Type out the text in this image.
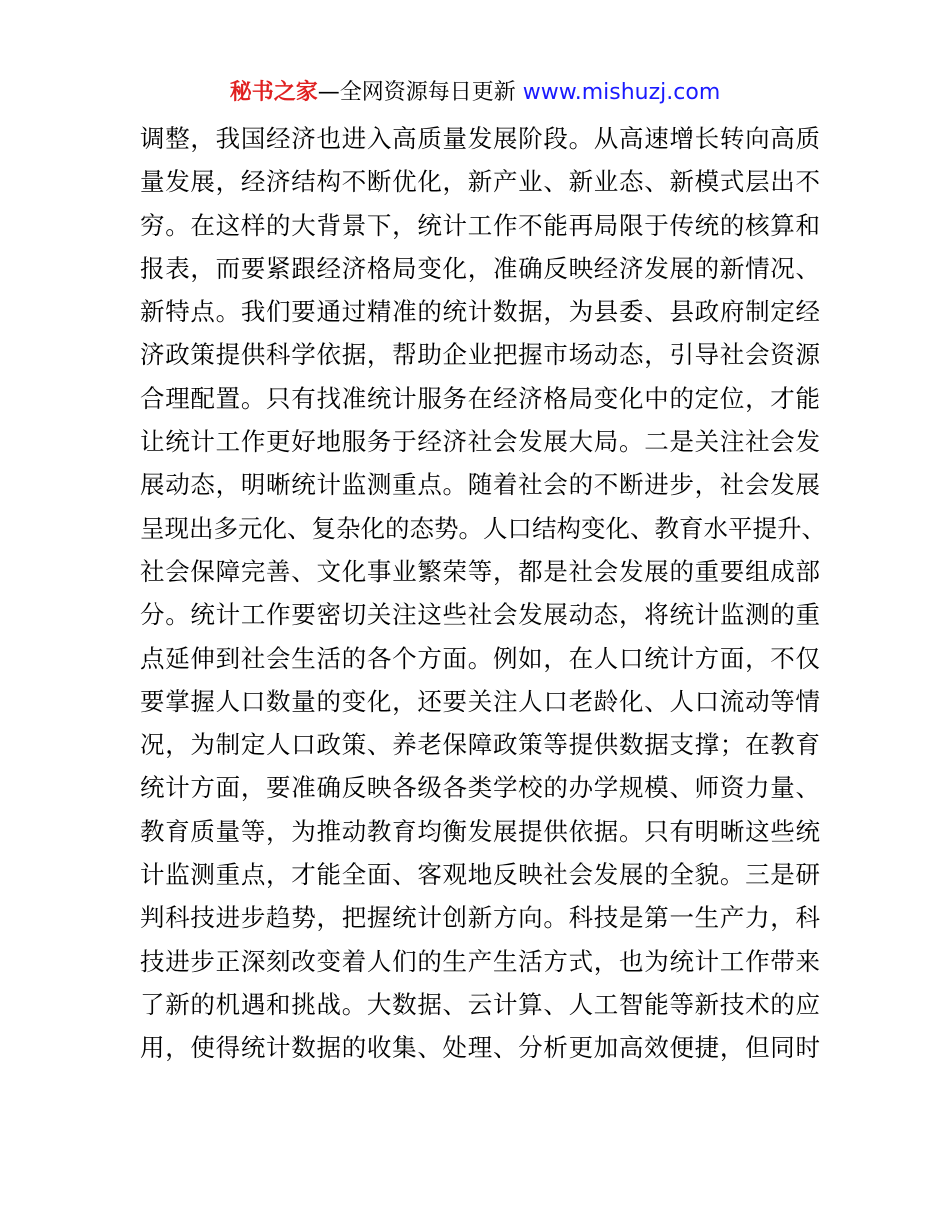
秘书之家—全网资源每日更新 www.mishuzj.com
调整，我国经济也进入高质量发展阶段。从高速增长转向高质
量发展，经济结构不断优化，新产业、新业态、新模式层出不
穷。在这样的大背景下，统计工作不能再局限于传统的核算和
报表，而要紧跟经济格局变化，准确反映经济发展的新情况、
新特点。我们要通过精准的统计数据，为县委、县政府制定经
济政策提供科学依据，帮助企业把握市场动态，引导社会资源
合理配置。只有找准统计服务在经济格局变化中的定位，才能
让统计工作更好地服务于经济社会发展大局。二是关注社会发
展动态，明晰统计监测重点。随着社会的不断进步，社会发展
呈现出多元化、复杂化的态势。人口结构变化、教育水平提升、
社会保障完善、文化事业繁荣等，都是社会发展的重要组成部
分。统计工作要密切关注这些社会发展动态，将统计监测的重
点延伸到社会生活的各个方面。例如，在人口统计方面，不仅
要掌握人口数量的变化，还要关注人口老龄化、人口流动等情
况，为制定人口政策、养老保障政策等提供数据支撑；在教育
统计方面，要准确反映各级各类学校的办学规模、师资力量、
教育质量等，为推动教育均衡发展提供依据。只有明晰这些统
计监测重点，才能全面、客观地反映社会发展的全貌。三是研
判科技进步趋势，把握统计创新方向。科技是第一生产力，科
技进步正深刻改变着人们的生产生活方式，也为统计工作带来
了新的机遇和挑战。大数据、云计算、人工智能等新技术的应
用，使得统计数据的收集、处理、分析更加高效便捷，但同时
